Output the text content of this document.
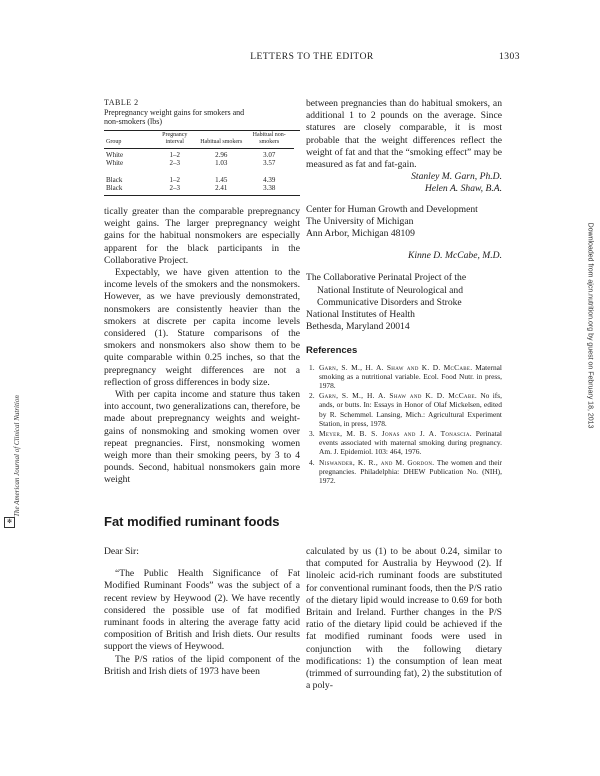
LETTERS TO THE EDITOR	1303
TABLE 2
Prepregnancy weight gains for smokers and
non-smokers (lbs)
Group	Pregnancy interval	Habitual smokers	Habitual non-smokers

White	1–2	2.96	3.07
White	2–3	1.03	3.57

Black	1–2	1.45	4.39
Black	2–3	2.41	3.38

tically greater than the comparable prepregnancy weight gains. The larger prepregnancy weight gains for the habitual nonsmokers are especially apparent for the black participants in the Collaborative Project.

Expectably, we have given attention to the income levels of the smokers and the nonsmokers. However, as we have previously demonstrated, nonsmokers are consistently heavier than the smokers at discrete per capita income levels considered (1). Stature comparisons of the smokers and nonsmokers also show them to be quite comparable within 0.25 inches, so that the prepregnancy weight differences are not a reflection of gross differences in body size.

With per capita income and stature thus taken into account, two generalizations can, therefore, be made about prepregnancy weights and weight-gains of nonsmoking and smoking women over repeat pregnancies. First, nonsmoking women weigh more than their smoking peers, by 3 to 4 pounds. Second, habitual nonsmokers gain more weight

between pregnancies than do habitual smokers, an additional 1 to 2 pounds on the average. Since statures are closely comparable, it is most probable that the weight differences reflect the weight of fat and that the “smoking effect” may be measured as fat and fat-gain.

Stanley M. Garn, Ph.D.
Helen A. Shaw, B.A.
Center for Human Growth and Development
The University of Michigan
Ann Arbor, Michigan 48109
Kinne D. McCabe, M.D.
The Collaborative Perinatal Project of the
National Institute of Neurological and
Communicative Disorders and Stroke
National Institutes of Health
Bethesda, Maryland 20014
References
1. Garn, S. M., H. A. Shaw and K. D. McCabe. Maternal smoking as a nutritional variable. Ecol. Food Nutr. in press, 1978.
2. Garn, S. M., H. A. Shaw and K. D. McCabe. No ifs, ands, or butts. In: Essays in Honor of Olaf Mickelsen, edited by R. Schemmel. Lansing, Mich.: Agricultural Experiment Station, in press, 1978.
3. Meyer, M. B. S. Jonas and J. A. Tonascia. Perinatal events associated with maternal smoking during pregnancy. Am. J. Epidemiol. 103: 464, 1976.
4. Niswander, K. R., and M. Gordon. The women and their pregnancies. Philadelphia: DHEW Publication No. (NIH), 1972.
Fat modified ruminant foods

Dear Sir:

“The Public Health Significance of Fat Modified Ruminant Foods” was the subject of a recent review by Heywood (2). We have recently considered the possible use of fat modified ruminant foods in altering the average fatty acid composition of British and Irish diets. Our results support the views of Heywood.

The P/S ratios of the lipid component of the British and Irish diets of 1973 have been

calculated by us (1) to be about 0.24, similar to that computed for Australia by Heywood (2). If linoleic acid-rich ruminant foods are substituted for conventional ruminant foods, then the P/S ratio of the dietary lipid would increase to 0.69 for both Britain and Ireland. Further changes in the P/S ratio of the dietary lipid could be achieved if the fat modified ruminant foods were used in conjunction with the following dietary modifications: 1) the consumption of lean meat (trimmed of surrounding fat), 2) the substitution of a poly-

The American Journal of Clinical Nutrition
✻
Downloaded from ajcn.nutrition.org by guest on February 18, 2013
